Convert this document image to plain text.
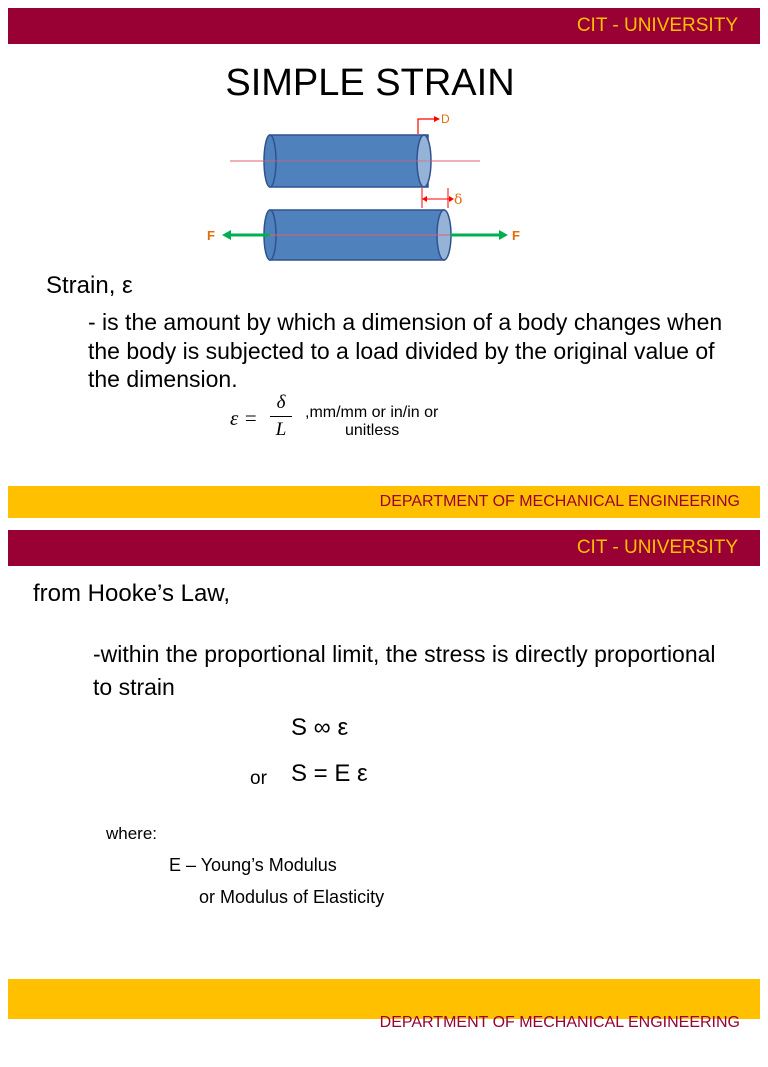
CIT - UNIVERSITY
SIMPLE STRAIN
D
δ
F	F
Strain, ε
- is the amount by which a dimension of a body changes when the body is subjected to a load divided by the original value of the dimension.
ε =
δ
L
,mm/mm or in/in or
unitless
DEPARTMENT OF MECHANICAL ENGINEERING
CIT - UNIVERSITY
from Hooke’s Law,
-within the proportional limit, the stress is directly proportional to strain
S ∞ ε
or S = E ε
where:
E – Young’s Modulus
or Modulus of Elasticity
DEPARTMENT OF MECHANICAL ENGINEERING
